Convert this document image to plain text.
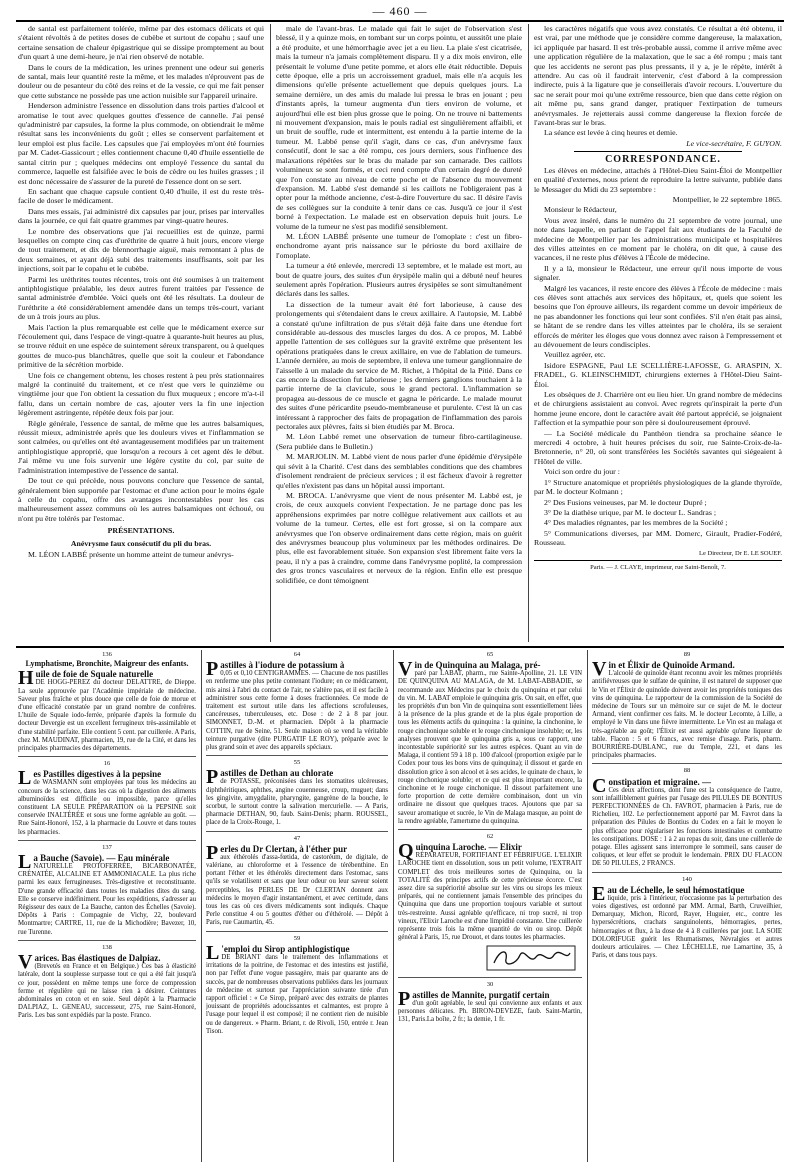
— 460 —

de santal est parfaitement tolérée, même par des estomacs délicats et qui s'étaient révoltés à de petites doses de cubèbe et surtout de copahu ; sauf une certaine sensation de chaleur épigastrique qui se dissipe promptement au bout d'un quart à une demi-heure, je n'ai rien observé de notable.

Dans le cours de la médication, les urines prennent une odeur sui generis de santal, mais leur quantité reste la même, et les malades n'éprouvent pas de douleur ou de pesanteur du côté des reins et de la vessie, ce qui me fait penser que cette substance ne possède pas une action nuisible sur l'appareil urinaire.

Henderson administre l'essence en dissolution dans trois parties d'alcool et aromatise le tout avec quelques gouttes d'essence de cannelle. J'ai pensé qu'administré par capsules, la forme la plus commode, on obtiendrait le même résultat sans les inconvénients du goût ; elles se conservent parfaitement et leur emploi est plus facile. Les capsules que j'ai employées m'ont été fournies par M. Cadet-Gassicourt ; elles contiennent chacune 0,40 d'huile essentielle de santal citrin pur ; quelques médecins ont employé l'essence du santal du commerce, laquelle est falsifiée avec le bois de cèdre ou les huiles grasses ; il est donc nécessaire de s'assurer de la pureté de l'essence dont on se sert.

En sachant que chaque capsule contient 0,40 d'huile, il est du reste très-facile de doser le médicament.

Dans mes essais, j'ai administré dix capsules par jour, prises par intervalles dans la journée, ce qui fait quatre grammes par vingt-quatre heures.

Le nombre des observations que j'ai recueillies est de quinze, parmi lesquelles on compte cinq cas d'uréthrite de quatre à huit jours, encore vierge de tout traitement, et dix de blennorrhagie aiguë, mais remontant à plus de deux semaines, et ayant déjà subi des traitements insuffisants, soit par les injections, soit par le copahu et le cubèbe.

Parmi les uréthrites toutes récentes, trois ont été soumises à un traitement antiphlogistique préalable, les deux autres furent traitées par l'essence de santal administrée d'emblée. Voici quels ont été les résultats. La douleur de l'uréthrite a été considérablement amendée dans un temps très-court, variant de un à trois jours au plus.

Mais l'action la plus remarquable est celle que le médicament exerce sur l'écoulement qui, dans l'espace de vingt-quatre à quarante-huit heures au plus, se trouve réduit en une espèce de suintement séreux transparent, ou à quelques gouttes de muco-pus blanchâtres, quelle que soit la couleur et l'abondance primitive de la sécrétion morbide.

Une fois ce changement obtenu, les choses restent à peu près stationnaires malgré la continuité du traitement, et ce n'est que vers le quinzième ou vingtième jour que l'on obtient la cessation du flux muqueux ; encore m'a-t-il fallu, dans un certain nombre de cas, ajouter vers la fin une injection légèrement astringente, répétée deux fois par jour.

Règle générale, l'essence de santal, de même que les autres balsamiques, réussit mieux, administrée après que les douleurs vives et l'inflammation se sont calmées, ou qu'elles ont été avantageusement modifiées par un traitement antiphlogistique approprié, que lorsqu'on a recours à cet agent dès le début. J'ai même vu une fois survenir une légère cystite du col, par suite de l'administration intempestive de l'essence de santal.

De tout ce qui précède, nous pouvons conclure que l'essence de santal, généralement bien supportée par l'estomac et d'une action pour le moins égale à celle du copahu, offre des avantages incontestables pour les cas malheureusement assez communs où les autres balsamiques ont échoué, ou n'ont pu être tolérés par l'estomac.

PRÉSENTATIONS.

Anévrysme faux consécutif du pli du bras.

M. LÉON LABBÉ présente un homme atteint de tumeur anévrys-

male de l'avant-bras. Le malade qui fait le sujet de l'observation s'est blessé, il y a quinze mois, en tombant sur un corps pointu, et aussitôt une plaie a été produite, et une hémorrhagie avec jet a eu lieu. La plaie s'est cicatrisée, mais la tumeur n'a jamais complètement disparu. Il y a dix mois environ, elle présentait le volume d'une petite pomme, et alors elle était réductible. Depuis cette époque, elle a pris un accroissement graduel, mais elle n'a acquis les dimensions qu'elle présente actuellement que depuis quelques jours. La semaine dernière, un des amis du malade lui pressa le bras en jouant ; peu d'instants après, la tumeur augmenta d'un tiers environ de volume, et aujourd'hui elle est bien plus grosse que le poing. On ne trouve ni battements ni mouvement d'expansion, mais le pouls radial est singulièrement affaibli, et un bruit de souffle, rude et intermittent, est entendu à la partie interne de la tumeur. M. Labbé pense qu'il s'agit, dans ce cas, d'un anévrysme faux consécutif, dont le sac a été rompu, ces jours derniers, sous l'influence des malaxations répétées sur le bras du malade par son camarade. Des caillots volumineux se sont formés, et ceci rend compte d'un certain degré de dureté que l'on constate au niveau de cette poche et de l'absence du mouvement d'expansion. M. Labbé s'est demandé si les caillots ne l'obligeraient pas à opter pour la méthode ancienne, c'est-à-dire l'ouverture du sac. Il désire l'avis de ses collègues sur la conduite à tenir dans ce cas. Jusqu'à ce jour il s'est borné à l'expectation. Le malade est en observation depuis huit jours. Le volume de la tumeur ne s'est pas modifié sensiblement.

M. LÉON LABBÉ présente une tumeur de l'omoplate : c'est un fibro-enchondrome ayant pris naissance sur le périoste du bord axillaire de l'omoplate.

La tumeur a été enlevée, mercredi 13 septembre, et le malade est mort, au bout de quatre jours, des suites d'un érysipèle malin qui a débuté neuf heures seulement après l'opération. Plusieurs autres érysipèles se sont simultanément déclarés dans les salles.

La dissection de la tumeur avait été fort laborieuse, à cause des prolongements qui s'étendaient dans le creux axillaire. A l'autopsie, M. Labbé a constaté qu'une infiltration de pus s'était déjà faite dans une étendue fort considérable au-dessous des muscles larges du dos. A ce propos, M. Labbé appelle l'attention de ses collègues sur la gravité extrême que présentent les opérations pratiquées dans le creux axillaire, en vue de l'ablation de tumeurs. L'année dernière, au mois de septembre, il enleva une tumeur ganglionnaire de l'aisselle à un malade du service de M. Richet, à l'hôpital de la Pitié. Dans ce cas encore la dissection fut laborieuse ; les derniers ganglions touchaient à la partie interne de la clavicule, sous le grand pectoral. L'inflammation se propagea au-dessous de ce muscle et gagna le péricarde. Le malade mourut des suites d'une péricardite pseudo-membraneuse et purulente. C'est là un cas intéressant à rapprocher des faits de propagation de l'inflammation des parois pectorales aux plèvres, faits si bien étudiés par M. Broca.

M. Léon Labbé remet une observation de tumeur fibro-cartilagineuse. (Sera publiée dans le Bulletin.)

M. MARJOLIN. M. Labbé vient de nous parler d'une épidémie d'érysipèle qui sévit à la Charité. C'est dans des semblables conditions que des chambres d'isolement rendraient de précieux services ; il est fâcheux d'avoir à regretter qu'elles n'existent pas dans un hôpital aussi important.

M. BROCA. L'anévrysme que vient de nous présenter M. Labbé est, je crois, de ceux auxquels convient l'expectation. Je ne partage donc pas les appréhensions exprimées par notre collègue relativement aux caillots et au volume de la tumeur. Certes, elle est fort grosse, si on la compare aux anévrysmes que l'on observe ordinairement dans cette région, mais on guérit des anévrysmes beaucoup plus volumineux par les méthodes ordinaires. De plus, elle est favorablement située. Son expansion s'est librement faite vers la peau, il n'y a pas à craindre, comme dans l'anévrysme poplité, la compression des gros troncs vasculaires et nerveux de la région. Enfin elle est presque solidifiée, ce dont témoignent

les caractères négatifs que vous avez constatés. Ce résultat a été obtenu, il est vrai, par une méthode que je considère comme dangereuse, la malaxation, ici appliquée par hasard. Il est très-probable aussi, comme il arrive même avec une application régulière de la malaxation, que le sac a été rompu ; mais tant que les accidents ne seront pas plus pressants, il y a, je le répète, intérêt à attendre. Au cas où il faudrait intervenir, c'est d'abord à la compression indirecte, puis à la ligature que je conseillerais d'avoir recours. L'ouverture du sac ne serait pour moi qu'une extrême ressource, bien que dans cette région on ait même pu, sans grand danger, pratiquer l'extirpation de tumeurs anévrysmales. Je rejetterais aussi comme dangereuse la flexion forcée de l'avant-bras sur le bras.

La séance est levée à cinq heures et demie.

Le vice-secrétaire, F. GUYON.

CORRESPONDANCE.

Les élèves en médecine, attachés à l'Hôtel-Dieu Saint-Éloi de Montpellier en qualité d'externes, nous prient de reproduire la lettre suivante, publiée dans le Messager du Midi du 23 septembre :

Montpellier, le 22 septembre 1865.

Monsieur le Rédacteur,

Vous avez inséré, dans le numéro du 21 septembre de votre journal, une note dans laquelle, en parlant de l'appel fait aux étudiants de la Faculté de médecine de Montpellier par les administrations municipale et hospitalières des villes atteintes en ce moment par le choléra, on dit que, à cause des vacances, il ne reste plus d'élèves à l'École de médecine.

Il y a là, monsieur le Rédacteur, une erreur qu'il nous importe de vous signaler.

Malgré les vacances, il reste encore des élèves à l'École de médecine : mais ces élèves sont attachés aux services des hôpitaux, et, quels que soient les besoins que l'on éprouve ailleurs, ils regardent comme un devoir impérieux de ne pas abandonner les fonctions qui leur sont confiées. S'il n'en était pas ainsi, se hâtant de se rendre dans les villes atteintes par le choléra, ils se seraient efforcés de mériter les éloges que vous donnez avec raison à l'empressement et au dévouement de leurs condisciples.

Veuillez agréer, etc.

Isidore ESPAGNE, Paul LE SCELLIÈRE-LAFOSSE, G. ARASPIN, X. FRADEL, G. KLEINSCHMIDT, chirurgiens externes à l'Hôtel-Dieu Saint-Éloi.

Les obsèques de J. Charrière ont eu lieu hier. Un grand nombre de médecins et de chirurgiens assistaient au convoi. Avec regrets qu'inspirait la perte d'un homme jeune encore, dont le caractère avait été partout apprécié, se joignaient l'affection et la sympathie pour son père si douloureusement éprouvé.

— La Société médicale du Panthéon tiendra sa prochaine séance le mercredi 4 octobre, à huit heures précises du soir, rue Sainte-Croix-de-la-Bretonnerie, n° 20, où sont transférées les Sociétés savantes qui siégeaient à l'Hôtel de ville.

Voici son ordre du jour :

1° Structure anatomique et propriétés physiologiques de la glande thyroïde, par M. le docteur Kolmann ;

2° Des Fusions veineuses, par M. le docteur Dupré ;

3° De la diathèse urique, par M. le docteur L. Sandras ;

4° Des maladies régnantes, par les membres de la Société ;

5° Communications diverses, par MM. Domerc, Girault, Pradier-Fodéré, Rousseau.

Le Directeur, Dr E. LE SOUEF.

Paris. — J. CLAYE, imprimeur, rue Saint-Benoît, 7.

136
Lymphatisme, Bronchite, Maigreur des enfants.
Huile de foie de Squale naturelle
DE HOGG-PEREZ du docteur DELATTRE, de Dieppe. La seule approuvée par l'Académie impériale de médecine. Saveur plus fraîche et plus douce que celle de foie de morue et d'une efficacité constatée par un grand nombre de confrères. L'huile de Squale iodo-ferrée, préparée d'après la formule du docteur Devergie est un excellent ferrugineux très-assimilable et d'une stabilité parfaite. Elle contient 5 cent. par cuillerée. A Paris, chez M. MAUDINAT, pharmacien, 19, rue de la Cité, et dans les principales pharmacies des départements.
16
Les Pastilles digestives à la pepsine
de WASMANN sont employées par tous les médecins au concours de la science, dans les cas où la digestion des aliments albuminoïdes est difficile ou impossible, parce qu'elles constituent LA SEULE PRÉPARATION où la PEPSINE soit conservée INALTÉRÉE et sous une forme agréable au goût. — Rue Saint-Honoré, 152, à la pharmacie du Louvre et dans toutes les pharmacies.
137
La Bauche (Savoie). — Eau minérale
NATURELLE PROTOFERRÉE, BICARBONATÉE, CRÉNATÉE, ALCALINE ET AMMONIACALE. La plus riche parmi les eaux ferrugineuses. Très-digestive et reconstituante. D'une grande efficacité dans toutes les maladies dites du sang. Elle se conserve indéfiniment. Pour les expéditions, s'adresser au Régisseur des eaux de La Bauche, canton des Échelles (Savoie). Dépôts à Paris : Compagnie de Vichy, 22, boulevard Montmartre; CARTRE, 11, rue de la Michodière; Bavezer, 10, rue Turenne.
138
Varices. Bas élastiques de Dalpiaz.
(Brevetés en France et en Belgique.) Ces bas à élasticité latérale, dont la souplesse surpasse tout ce qui a été fait jusqu'à ce jour, possèdent en même temps une force de compression ferme et régulière qui ne laisse rien à désirer. Ceintures abdominales en coton et en soie. Seul dépôt à la Pharmacie DALPIAZ, L. GENEAU, successeur, 275, rue Saint-Honoré, Paris. Les bas sont expédiés par la poste. Franco.
64
Pastilles à l'iodure de potassium à
0,05 et 0,10 CENTIGRAMMES. — Chacune de nos pastilles en renferme une plus petite contenant l'iodure; en ce médicament, mis ainsi à l'abri du contact de l'air, ne s'altère pas, et il est facile à administrer sous cette forme à doses fractionnées. Ce mode de traitement est surtout utile dans les affections scrofuleuses, cancéreuses, tuberculeuses, etc. Dose : de 2 à 8 par jour. SIMONNET, D.-M. et pharmacien. Dépôt à la pharmacie COTTIN, rue de Seine, 51. Seule maison où se vend la véritable teinture purgative (dite PURGATIF LE ROY), préparée avec le plus grand soin et avec des appareils spéciaux.
55
Pastilles de Dethan au chlorate
de POTASSE, préconisées dans les stomatites ulcéreuses, diphthéritiques, aphthes, angine couenneuse, croup, muguet; dans les gingivite, amygdalite, pharyngite, gangrène de la bouche, le scorbut, le surtout contre la salivation mercurielle. — A Paris, pharmacie DETHAN, 90, faub. Saint-Denis; pharm. ROUSSEL, place de la Croix-Rouge, 1.
47
Perles du Dr Clertan, à l'éther pur
aux éthérolés d'assa-fœtida, de castoréum, de digitale, de valériane, au chloroforme et à l'essence de térébenthine. En portant l'éther et les éthérolés directement dans l'estomac, sans qu'ils se volatilisent et sans que leur odeur ou leur saveur soient perceptibles, les PERLES DE Dr CLERTAN donnent aux médecins le moyen d'agir instantanément, et avec certitude, dans tous les cas où ces divers médicaments sont indiqués. Chaque Perle constitue 4 ou 5 gouttes d'éther ou d'éthérolé. — Dépôt à Paris, rue Caumartin, 45.
59
L 'emploi du Sirop antiphlogistique
DE BRIANT dans le traitement des inflammations et irritations de la poitrine, de l'estomac et des intestins est justifié, non par l'effet d'une vogue passagère, mais par quarante ans de succès, par de nombreuses observations publiées dans les journaux de médecine et surtout par l'appréciation suivante tirée d'un rapport officiel : « Ce Sirop, préparé avec des extraits de plantes jouissant de propriétés adoucissantes et calmantes, est propre à l'usage pour lequel il est composé; il ne contient rien de nuisible ou de dangereux. » Pharm. Briant, r. de Rivoli, 150, entrée r. Jean Tison.
65
Vin de Quinquina au Malaga, pré-
paré par LABAT, pharm., rue Sainte-Apolline, 21. LE VIN DE QUINQUINA AU MALAGA, de M. LABAT-ABBADIE, se recommande aux Médecins par le choix du quinquina et par celui du vin. M. LABAT emploie le quinquina gris. On sait, en effet, que les propriétés d'un bon Vin de quinquina sont essentiellement liées à la présence de la plus grande et de la plus égale proportion de tous les éléments actifs du quinquina : la quinine, la cinchonine, le rouge cinchonique soluble et le rouge cinchonique insoluble; or, les analyses prouvent que le quinquina gris a, sous ce rapport, une incontestable supériorité sur les autres espèces. Quant au vin de Malaga, il contient 59 à 18 p. 100 d'alcool (proportion exigée par le Codex pour tous les bons vins de quinquina); il dissout et garde en dissolution grice à son alcool et à ses acides, le quinate de chaux, le rouge cinchonique soluble; et ce qui est plus important encore, la cinchonine et le rouge cinchonique. Il dissout parfaitement une forte proportion de cette dernière combinaison, dont un vin ordinaire ne dissout que quelques traces. Ajoutons que par sa saveur aromatique et sucrée, le Vin de Malaga masque, au point de la rendre agréable, l'amertume du quinquina.
62
Quinquina Laroche. — Elixir
RÉPARATEUR, FORTIFIANT ET FÉBRIFUGE. L'ELIXIR LAROCHE tient en dissolution, sous un petit volume, l'EXTRAIT COMPLET des trois meilleures sortes de Quinquina, ou la TOTALITÉ des principes actifs de cette précieuse écorce. C'est assez dire sa supériorité absolue sur les vins ou sirops les mieux préparés, qui ne contiennent jamais l'ensemble des principes du Quinquina que dans une proportion toujours variable et surtout très-restreinte. Aussi agréable qu'efficace, ni trop sucré, ni trop vineux, l'Elixir Laroche est d'une limpidité constante. Une cuillerée représente trois fois la même quantité de vin ou sirop. Dépôt général à Paris, 15, rue Drouot, et dans toutes les pharmacies.
30
Pastilles de Mannite, purgatif certain
d'un goût agréable, le seul qui convienne aux enfants et aux personnes délicates. Ph. BIRON-DEVEZE, faub. Saint-Martin, 131, Paris.La boîte, 2 fr.; la demie, 1 fr.
89
Vin et Élixir de Quinoïde Armand.
L'alcoolé de quinoïde étant reconnu avoir les mêmes propriétés antifiévreuses que le sulfate de quinine, il est naturel de supposer que le Vin et l'Élixir de quinoïde doivent avoir les propriétés toniques des vins de quinquina. Le rapporteur de la commission de la Société de médecine de Tours sur un mémoire sur ce sujet de M. le docteur Armand, vient confirmer ces faits. M. le docteur Lecomte, à Lille, a employé le Vin dans une fièvre intermittente. Le Vin est au malaga et très-agréable au goût; l'Élixir est aussi agréable qu'une liqueur de table. Flacon : 5 et 6 francs, avec remise d'usage. Paris, pharm. BOURRIÈRE-DUBLANC, rue du Temple, 221, et dans les principales pharmacies.
88
Constipation et migraine. —
Ces deux affections, dont l'une est la conséquence de l'autre, sont infailliblement guéries par l'usage des PILULES DE BONTIUS PERFECTIONNÉES de Ch. FAVROT, pharmacien à Paris, rue de Richelieu, 102. Le perfectionnement apporté par M. Favrot dans la préparation des Pilules de Bontius du Codex en a fait le moyen le plus efficace pour régulariser les fonctions intestinales et combattre les constipations. DOSE : 1 à 2 au repas du soir, dans une cuillerée de potage. Elles agissent sans interrompre le sommeil, sans causer de coliques, et leur effet se produit le lendemain. PRIX DU FLACON DE 50 PILULES, 2 FRANCS.
140
Eau de Léchelle, le seul hémostatique
liquide, pris à l'intérieur, n'occasionne pas la perturbation des voies digestives, est ordonné par MM. Armal, Barth, Cruveilhier, Demarquay, Michon, Ricord, Rayer, Huguier, etc., contre les hypersécrétions, crachats sanguinolents, hémorragies, pertes, hémorragies et flux, à la dose de 4 à 8 cuillerées par jour. LA SOIE DOLORIFUGE guérit les Rhumatismes, Névralgies et autres douleurs articulaires. — Chez LÉCHELLE, rue Lamartine, 35, à Paris, et dans tous pays.
